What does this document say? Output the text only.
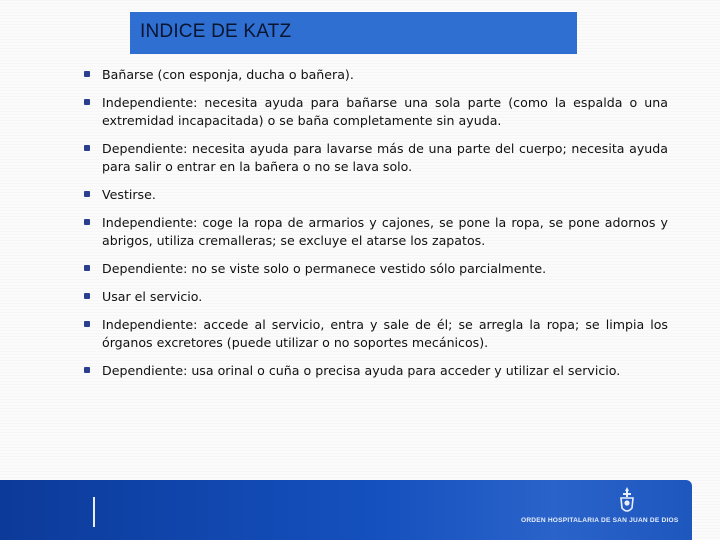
INDICE DE KATZ
Bañarse (con esponja, ducha o bañera).
Independiente: necesita ayuda para bañarse una sola parte (como la espalda o una extremidad incapacitada) o se baña completamente sin ayuda.
Dependiente: necesita ayuda para lavarse más de una parte del cuerpo; necesita ayuda para salir o entrar en la bañera o no se lava solo.
Vestirse.
Independiente: coge la ropa de armarios y cajones, se pone la ropa, se pone adornos y abrigos, utiliza cremalleras; se excluye el atarse los zapatos.
Dependiente: no se viste solo o permanece vestido sólo parcialmente.
Usar el servicio.
Independiente: accede al servicio, entra y sale de él; se arregla la ropa; se limpia los órganos excretores (puede utilizar o no soportes mecánicos).
Dependiente: usa orinal o cuña o precisa ayuda para acceder y utilizar el servicio.
ORDEN HOSPITALARIA DE SAN JUAN DE DIOS
